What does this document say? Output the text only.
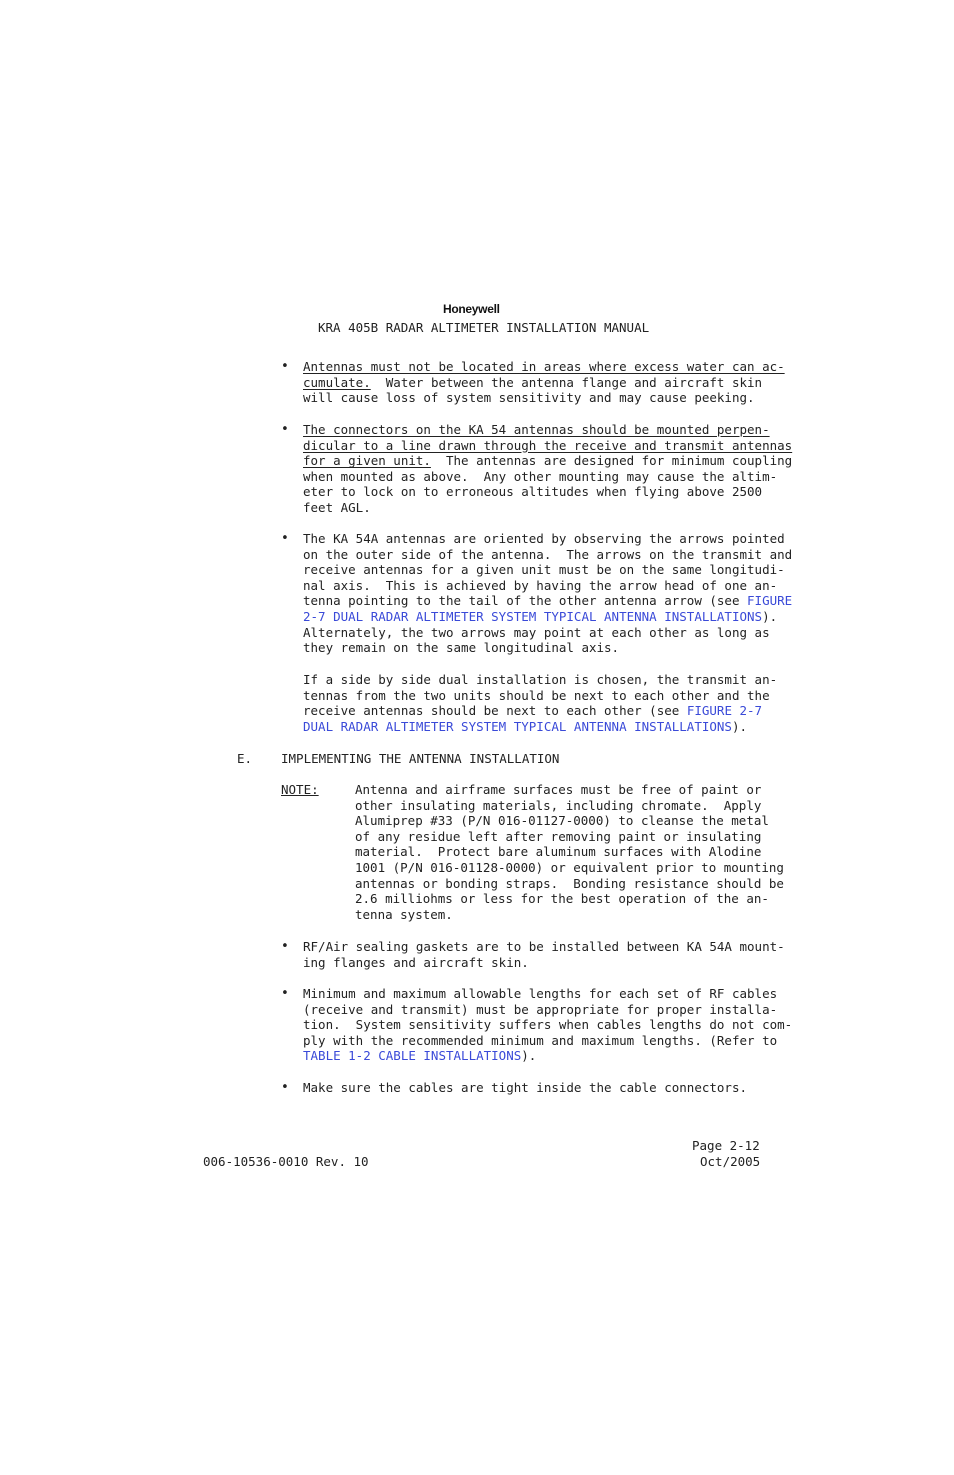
Honeywell
KRA 405B RADAR ALTIMETER INSTALLATION MANUAL
• Antennas must not be located in areas where excess water can ac-
cumulate.  Water between the antenna flange and aircraft skin
will cause loss of system sensitivity and may cause peeking.
• The connectors on the KA 54 antennas should be mounted perpen-
dicular to a line drawn through the receive and transmit antennas
for a given unit.  The antennas are designed for minimum coupling
when mounted as above.  Any other mounting may cause the altim-
eter to lock on to erroneous altitudes when flying above 2500
feet AGL.
• The KA 54A antennas are oriented by observing the arrows pointed
on the outer side of the antenna.  The arrows on the transmit and
receive antennas for a given unit must be on the same longitudi-
nal axis.  This is achieved by having the arrow head of one an-
tenna pointing to the tail of the other antenna arrow (see FIGURE
2-7 DUAL RADAR ALTIMETER SYSTEM TYPICAL ANTENNA INSTALLATIONS).
Alternately, the two arrows may point at each other as long as
they remain on the same longitudinal axis.
If a side by side dual installation is chosen, the transmit an-
tennas from the two units should be next to each other and the
receive antennas should be next to each other (see FIGURE 2-7
DUAL RADAR ALTIMETER SYSTEM TYPICAL ANTENNA INSTALLATIONS).
E. IMPLEMENTING THE ANTENNA INSTALLATION
NOTE:	Antenna and airframe surfaces must be free of paint or
other insulating materials, including chromate.  Apply
Alumiprep #33 (P/N 016-01127-0000) to cleanse the metal
of any residue left after removing paint or insulating
material.  Protect bare aluminum surfaces with Alodine
1001 (P/N 016-01128-0000) or equivalent prior to mounting
antennas or bonding straps.  Bonding resistance should be
2.6 milliohms or less for the best operation of the an-
tenna system.
• RF/Air sealing gaskets are to be installed between KA 54A mount-
ing flanges and aircraft skin.
• Minimum and maximum allowable lengths for each set of RF cables
(receive and transmit) must be appropriate for proper installa-
tion.  System sensitivity suffers when cables lengths do not com-
ply with the recommended minimum and maximum lengths. (Refer to
TABLE 1-2 CABLE INSTALLATIONS).
• Make sure the cables are tight inside the cable connectors.
Page 2-12
006-10536-0010 Rev. 10	Oct/2005
